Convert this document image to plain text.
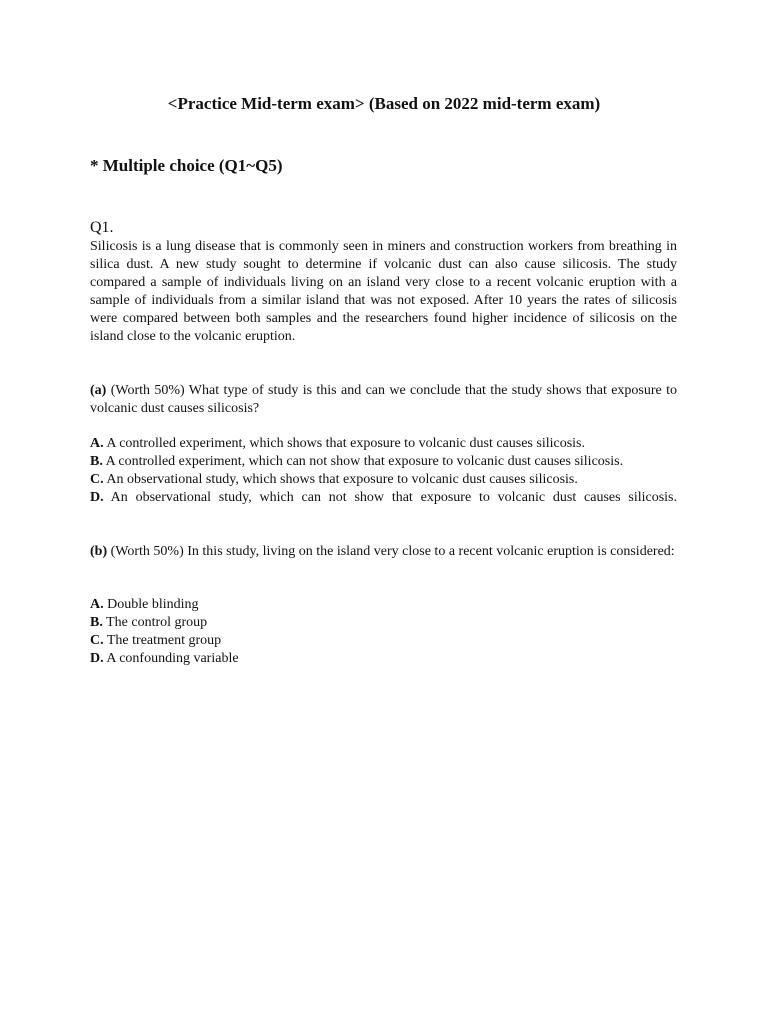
<Practice Mid-term exam> (Based on 2022 mid-term exam)
* Multiple choice (Q1~Q5)
Q1.
Silicosis is a lung disease that is commonly seen in miners and construction workers from breathing in silica dust. A new study sought to determine if volcanic dust can also cause silicosis. The study compared a sample of individuals living on an island very close to a recent volcanic eruption with a sample of individuals from a similar island that was not exposed. After 10 years the rates of silicosis were compared between both samples and the researchers found higher incidence of silicosis on the island close to the volcanic eruption.
(a) (Worth 50%) What type of study is this and can we conclude that the study shows that exposure to volcanic dust causes silicosis?
A. A controlled experiment, which shows that exposure to volcanic dust causes silicosis.
B. A controlled experiment, which can not show that exposure to volcanic dust causes silicosis.
C. An observational study, which shows that exposure to volcanic dust causes silicosis.
D. An observational study, which can not show that exposure to volcanic dust causes silicosis.
(b) (Worth 50%) In this study, living on the island very close to a recent volcanic eruption is considered:
A. Double blinding
B. The control group
C. The treatment group
D. A confounding variable
